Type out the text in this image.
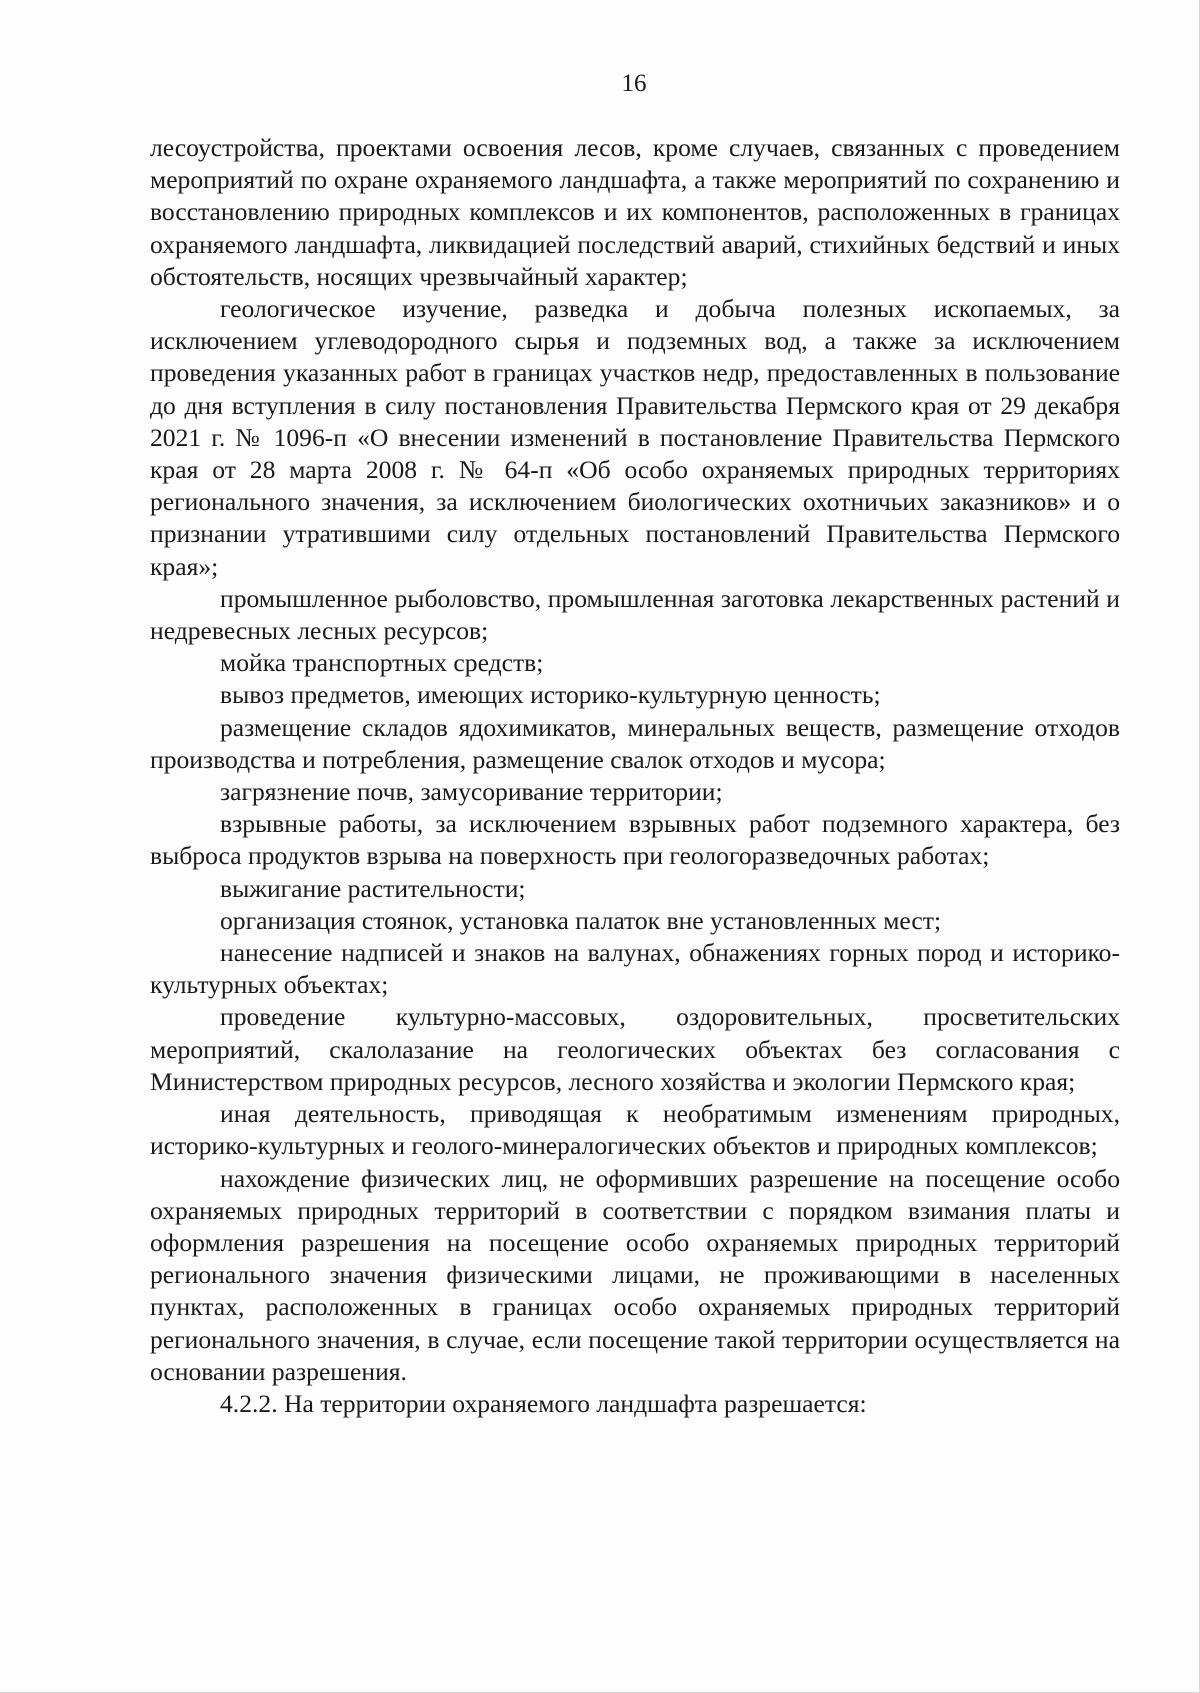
16

лесоустройства, проектами освоения лесов, кроме случаев, связанных с проведением мероприятий по охране охраняемого ландшафта, а также мероприятий по сохранению и восстановлению природных комплексов и их компонентов, расположенных в границах охраняемого ландшафта, ликвидацией последствий аварий, стихийных бедствий и иных обстоятельств, носящих чрезвычайный характер;

геологическое изучение, разведка и добыча полезных ископаемых, за исключением углеводородного сырья и подземных вод, а также за исключением проведения указанных работ в границах участков недр, предоставленных в пользование до дня вступления в силу постановления Правительства Пермского края от 29 декабря 2021 г. № 1096-п «О внесении изменений в постановление Правительства Пермского края от 28 марта 2008 г. № 64-п «Об особо охраняемых природных территориях регионального значения, за исключением биологических охотничьих заказников» и о признании утратившими силу отдельных постановлений Правительства Пермского края»;

промышленное рыболовство, промышленная заготовка лекарственных растений и недревесных лесных ресурсов;

мойка транспортных средств;

вывоз предметов, имеющих историко-культурную ценность;

размещение складов ядохимикатов, минеральных веществ, размещение отходов производства и потребления, размещение свалок отходов и мусора;

загрязнение почв, замусоривание территории;

взрывные работы, за исключением взрывных работ подземного характера, без выброса продуктов взрыва на поверхность при геологоразведочных работах;

выжигание растительности;

организация стоянок, установка палаток вне установленных мест;

нанесение надписей и знаков на валунах, обнажениях горных пород и историко-культурных объектах;

проведение культурно-массовых, оздоровительных, просветительских мероприятий, скалолазание на геологических объектах без согласования с Министерством природных ресурсов, лесного хозяйства и экологии Пермского края;

иная деятельность, приводящая к необратимым изменениям природных, историко-культурных и геолого-минералогических объектов и природных комплексов;

нахождение физических лиц, не оформивших разрешение на посещение особо охраняемых природных территорий в соответствии с порядком взимания платы и оформления разрешения на посещение особо охраняемых природных территорий регионального значения физическими лицами, не проживающими в населенных пунктах, расположенных в границах особо охраняемых природных территорий регионального значения, в случае, если посещение такой территории осуществляется на основании разрешения.

4.2.2. На территории охраняемого ландшафта разрешается:
